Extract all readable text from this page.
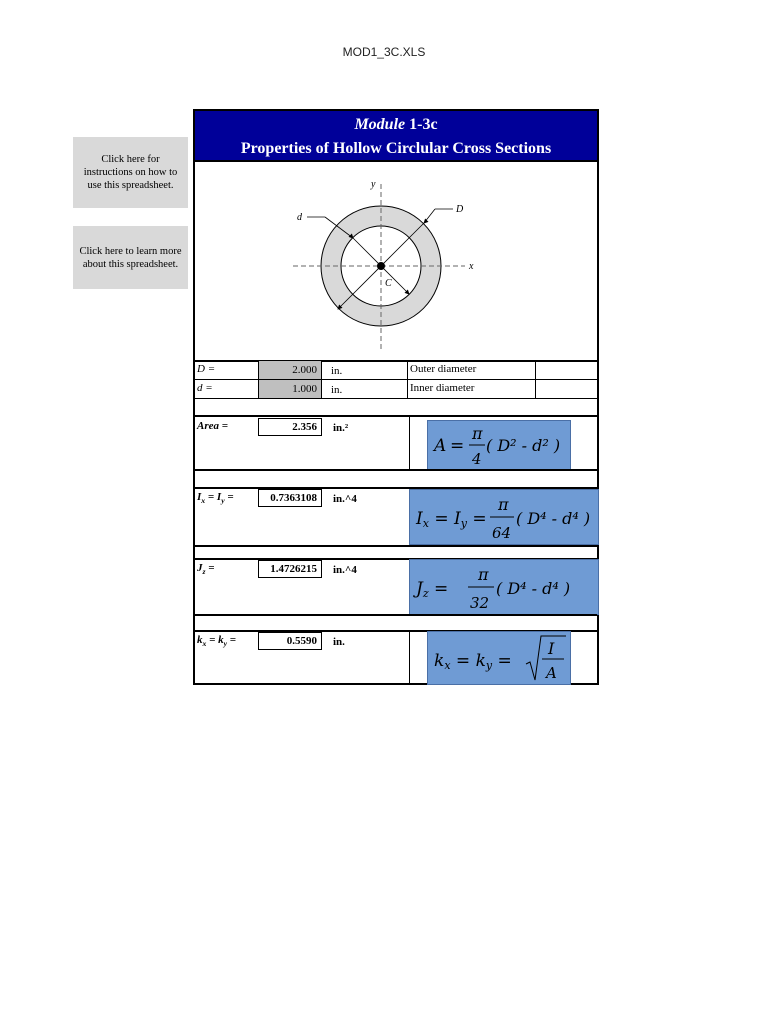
MOD1_3C.XLS
Click here for instructions on how to use this spreadsheet.
Click here to learn more about this spreadsheet.
Module 1-3c
Properties of Hollow Circlular Cross Sections
y
x
D
d
C
D =	2.000	in.	Outer diameter
d =	1.000	in.	Inner diameter
Area =	2.356	in.²
A =
π
4
( D² - d² )
$I_x = I_y$ =	0.7363108	in.^4
Ix = Iy =
π
64
( D⁴ - d⁴ )
$J_z$ =	1.4726215	in.^4
Jz =
π
32
( D⁴ - d⁴ )
$k_x = k_y$ =	0.5590	in.
kx = ky =
I
A
